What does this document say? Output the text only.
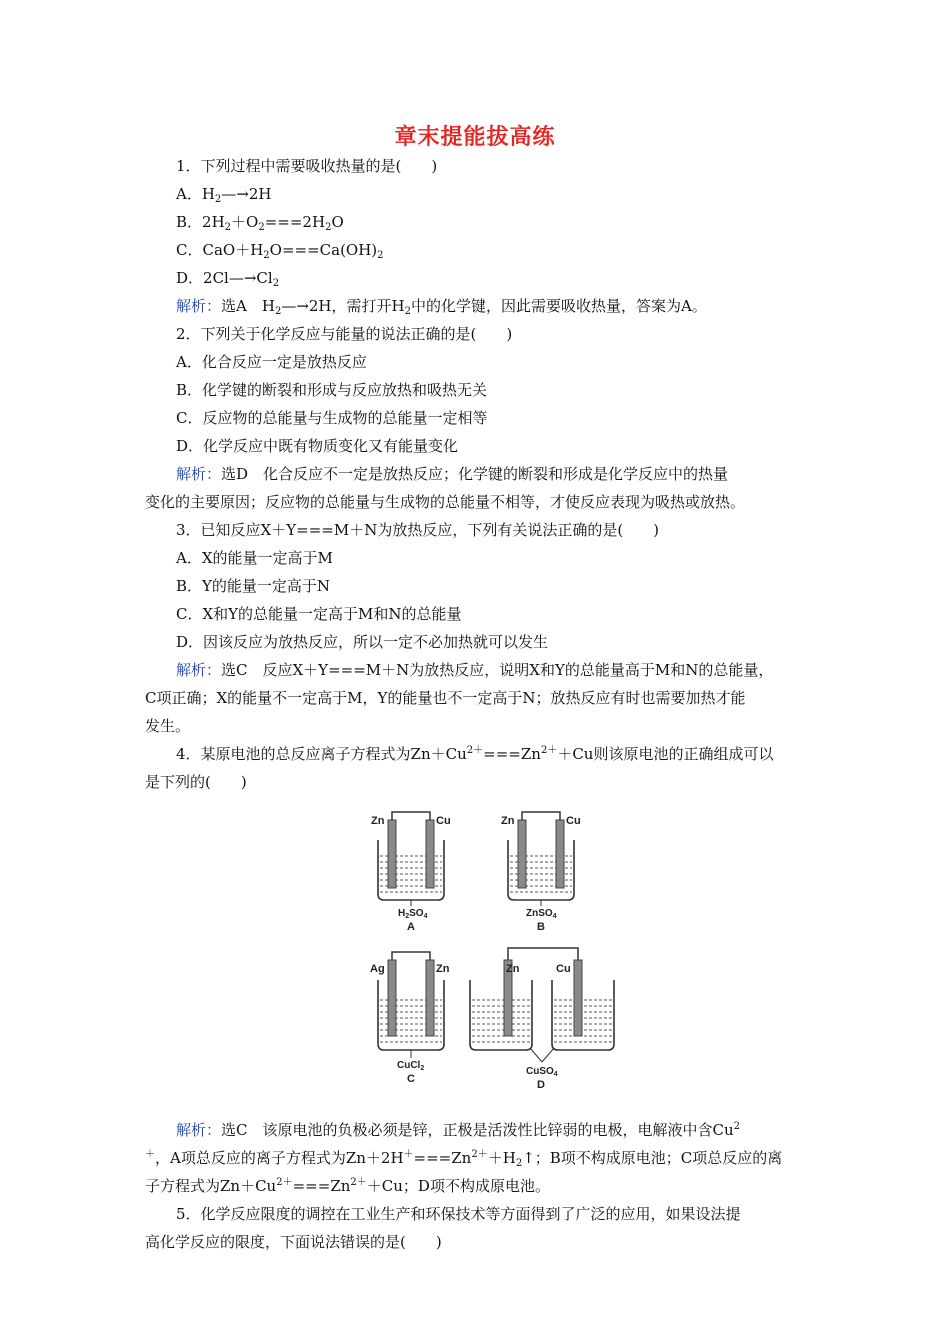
章末提能拔高练
1．下列过程中需要吸收热量的是(　　)
A．$H_2—\to 2H$
B．$2H_2+O_2===2H_2O$
C．$CaO+H_2O===Ca(OH)_2$
D．$2Cl—\to Cl_2$
解析：选A　$H_2—\to 2H$，需打开$H_2$中的化学键，因此需要吸收热量，答案为A。
2．下列关于化学反应与能量的说法正确的是(　　)
A．化合反应一定是放热反应
B．化学键的断裂和形成与反应放热和吸热无关
C．反应物的总能量与生成物的总能量一定相等
D．化学反应中既有物质变化又有能量变化
解析：选D　化合反应不一定是放热反应；化学键的断裂和形成是化学反应中的热量
变化的主要原因；反应物的总能量与生成物的总能量不相等，才使反应表现为吸热或放热。
3．已知反应X＋Y===M＋N为放热反应，下列有关说法正确的是(　　)
A．X的能量一定高于M
B．Y的能量一定高于N
C．X和Y的总能量一定高于M和N的总能量
D．因该反应为放热反应，所以一定不必加热就可以发生
解析：选C　反应X＋Y===M＋N为放热反应，说明X和Y的总能量高于M和N的总能量，
C项正确；X的能量不一定高于M，Y的能量也不一定高于N；放热反应有时也需要加热才能
发生。
4．某原电池的总反应离子方程式为$Zn+Cu^{2+}===Zn^{2+}+Cu$则该原电池的正确组成可以
是下列的(　　)
Zn	Cu
$H_2SO_4$
A
Zn	Cu
ZnSO$_4$
B
Ag	Zn
CuCl$_2$
C
Zn	Cu
CuSO$_4$
D
解析：选C　该原电池的负极必须是锌，正极是活泼性比锌弱的电极，电解液中含Cu$^2$
＋，A项总反应的离子方程式为$Zn+2H^+===Zn^{2+}+H_2↑$；B项不构成原电池；C项总反应的离
子方程式为$Zn+Cu^{2+}===Zn^{2+}+Cu$；D项不构成原电池。
5．化学反应限度的调控在工业生产和环保技术等方面得到了广泛的应用，如果设法提
高化学反应的限度，下面说法错误的是(　　)
